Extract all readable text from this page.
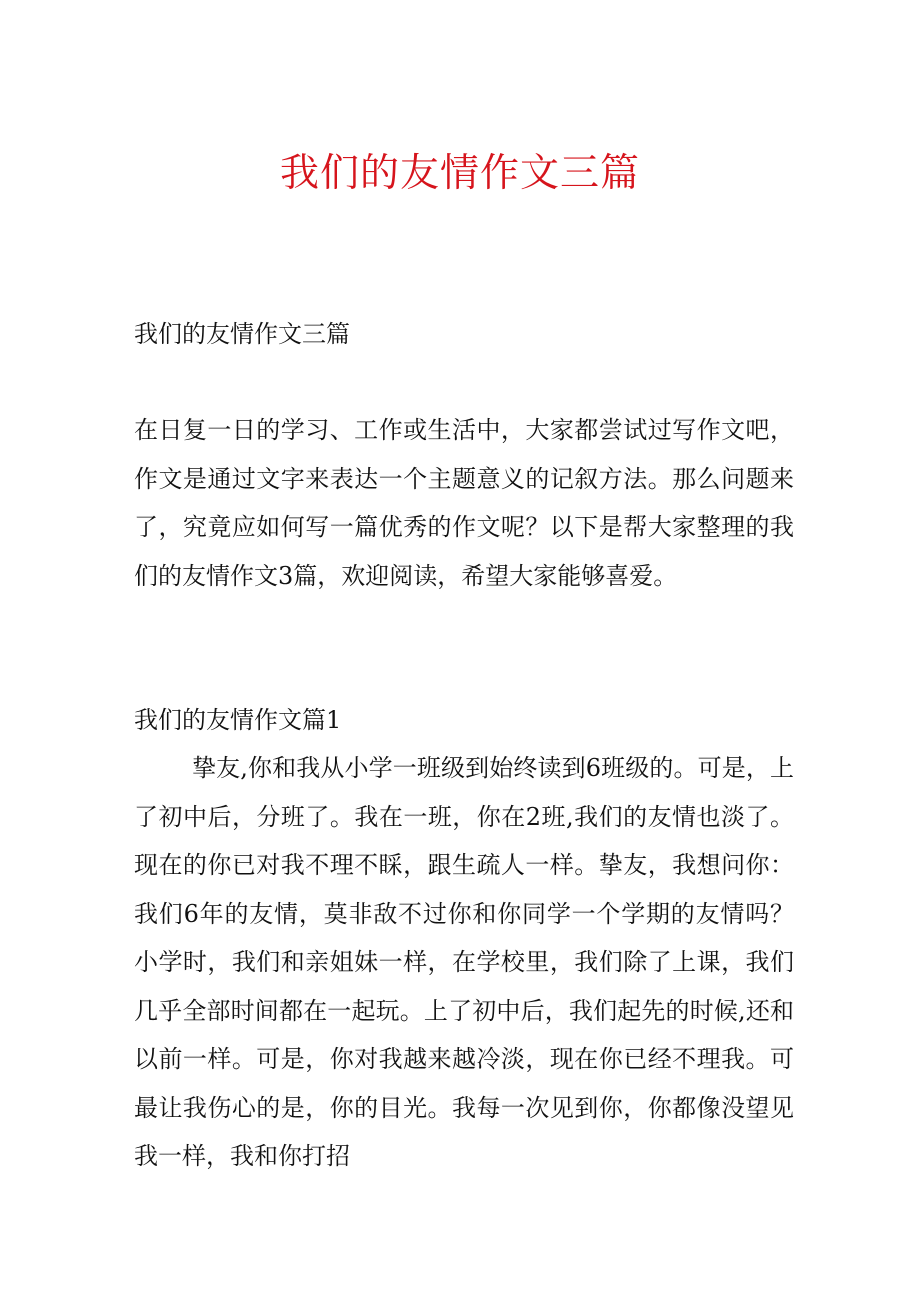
我们的友情作文三篇
我们的友情作文三篇

在日复一日的学习、工作或生活中，大家都尝试过写作文吧，作文是通过文字来表达一个主题意义的记叙方法。那么问题来了，究竟应如何写一篇优秀的作文呢？以下是帮大家整理的我们的友情作文3篇，欢迎阅读，希望大家能够喜爱。

我们的友情作文篇1

挚友,你和我从小学一班级到始终读到6班级的。可是，上了初中后，分班了。我在一班，你在2班,我们的友情也淡了。现在的你已对我不理不睬，跟生疏人一样。挚友，我想问你：我们6年的友情，莫非敌不过你和你同学一个学期的友情吗？小学时，我们和亲姐妹一样，在学校里，我们除了上课，我们几乎全部时间都在一起玩。上了初中后，我们起先的时候,还和以前一样。可是，你对我越来越冷淡，现在你已经不理我。可最让我伤心的是，你的目光。我每一次见到你，你都像没望见我一样，我和你打招
